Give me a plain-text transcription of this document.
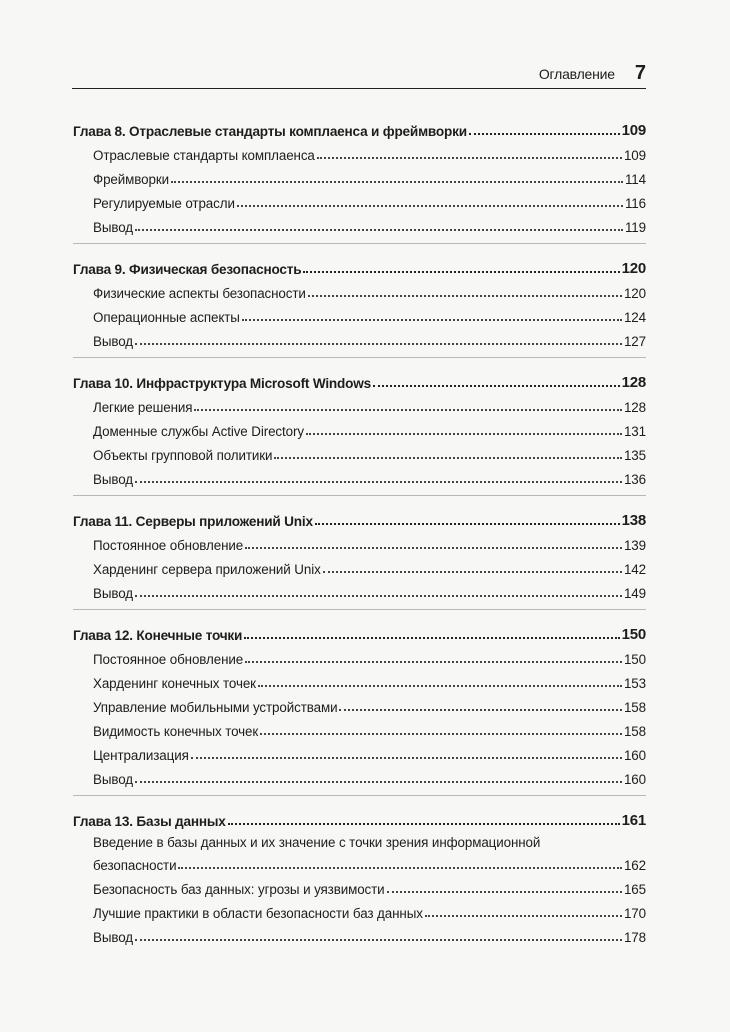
Оглавление 7
Глава 8. Отраслевые стандарты комплаенса и фреймворки	109
Отраслевые стандарты комплаенса	109
Фреймворки	114
Регулируемые отрасли	116
Вывод	119
Глава 9. Физическая безопасность	120
Физические аспекты безопасности	120
Операционные аспекты	124
Вывод	127
Глава 10. Инфраструктура Microsoft Windows	128
Легкие решения	128
Доменные службы Active Directory	131
Объекты групповой политики	135
Вывод	136
Глава 11. Серверы приложений Unix	138
Постоянное обновление	139
Харденинг сервера приложений Unix	142
Вывод	149
Глава 12. Конечные точки	150
Постоянное обновление	150
Харденинг конечных точек	153
Управление мобильными устройствами	158
Видимость конечных точек	158
Централизация	160
Вывод	160
Глава 13. Базы данных	161
Введение в базы данных и их значение с точки зрения информационной
безопасности	162
Безопасность баз данных: угрозы и уязвимости	165
Лучшие практики в области безопасности баз данных	170
Вывод	178
